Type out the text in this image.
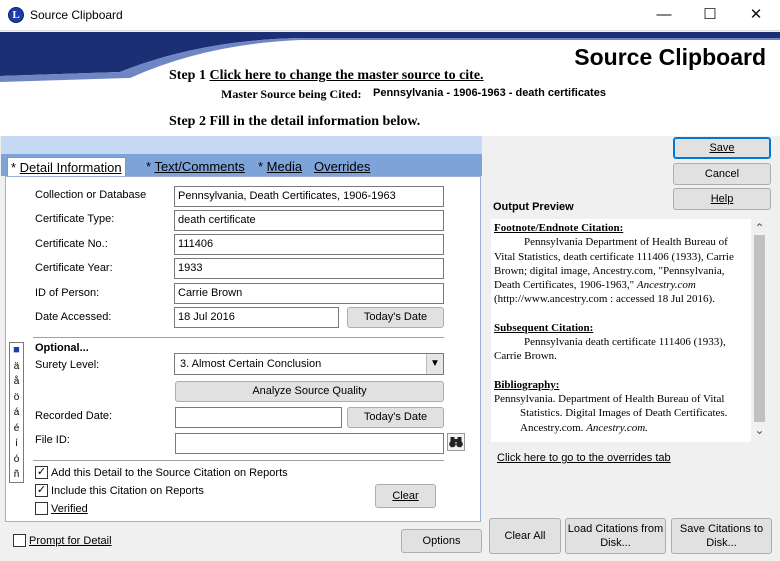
L Source Clipboard	—	☐	✕
Source Clipboard
Step 1 Click here to change the master source to cite.
Master Source being Cited: Pennsylvania - 1906-1963 - death certificates
Step 2 Fill in the detail information below.
* Detail Information	* Text/Comments * Media Overrides
Collection or Database	Pennsylvania, Death Certificates, 1906-1963
Certificate Type:	death certificate
Certificate No.:	111406
Certificate Year:	1933
ID of Person:	Carrie Brown
Date Accessed:	18 Jul 2016	Today's Date
Optional...
Surety Level:	3. Almost Certain Conclusion	▼
Analyze Source Quality
Recorded Date:	Today's Date
File ID:
■
ä
å
ö
á
é
í
ó
ñ	✓ Add this Detail to the Source Citation on Reports
✓ Include this Citation on Reports
Verified
Clear
Prompt for Detail	Options
Save
Cancel
Help
Output Preview
Footnote/Endnote Citation:
Pennsylvania Department of Health Bureau of Vital Statistics, death certificate 111406 (1933), Carrie Brown; digital image, Ancestry.com, "Pennsylvania, Death Certificates, 1906-1963," Ancestry.com (http://www.ancestry.com : accessed 18 Jul 2016).
Subsequent Citation:
Pennsylvania death certificate 111406 (1933), Carrie Brown.
Bibliography:
Pennsylvania. Department of Health Bureau of Vital Statistics. Digital Images of Death Certificates. Ancestry.com. Ancestry.com.
⌃
⌄
Click here to go to the overrides tab
Clear All
Load Citations from
Disk...
Save Citations to
Disk...
